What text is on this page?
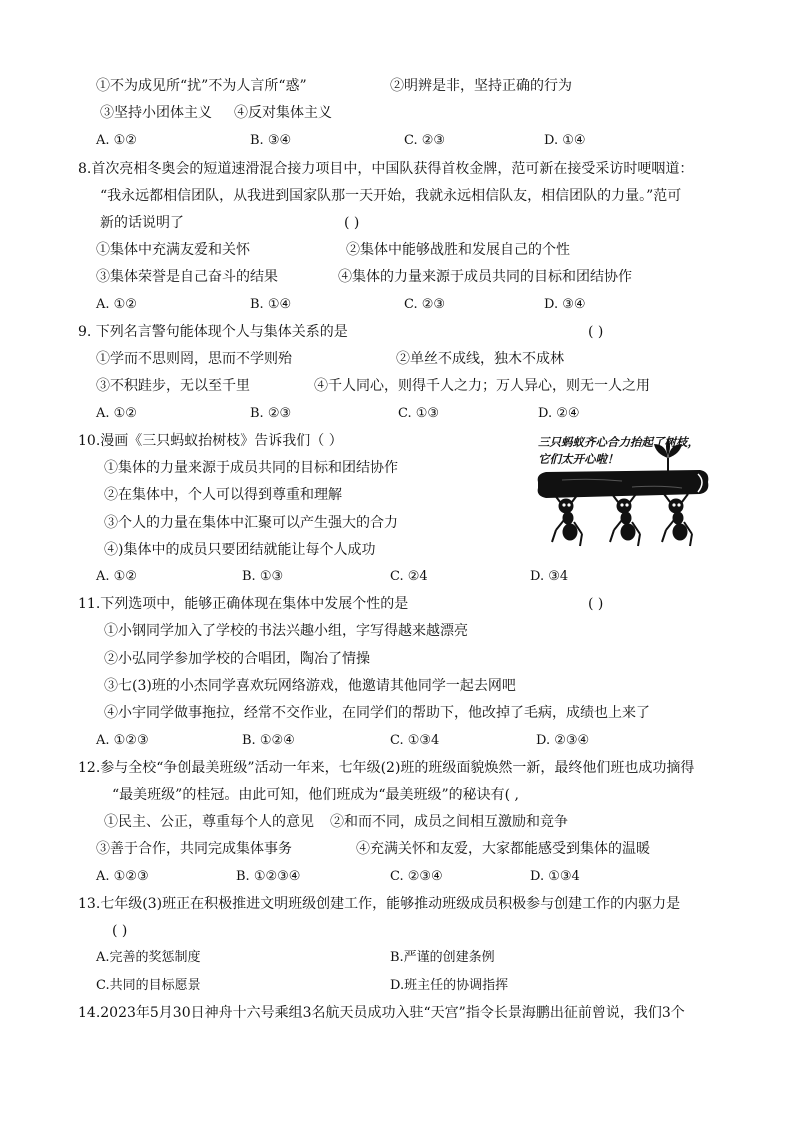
①不为成见所“扰”不为人言所“惑”	②明辨是非，坚持正确的行为
③坚持小团体主义 ④反对集体主义
A. ①②	B. ③④	C. ②③	D. ①④
8.首次亮相冬奥会的短道速滑混合接力项目中，中国队获得首枚金牌，范可新在接受采访时哽咽道：
“我永远都相信团队，从我进到国家队那一天开始，我就永远相信队友，相信团队的力量。”范可
新的话说明了	( )
①集体中充满友爱和关怀	②集体中能够战胜和发展自己的个性
③集体荣誉是自己奋斗的结果	④集体的力量来源于成员共同的目标和团结协作
A. ①②	B. ①④	C. ②③	D. ③④
9. 下列名言警句能体现个人与集体关系的是	( )
①学而不思则罔，思而不学则殆	②单丝不成线，独木不成林
③不积跬步，无以至千里	④千人同心，则得千人之力；万人异心，则无一人之用
A. ①②	B. ②③	C. ①③	D. ②④
10.漫画《三只蚂蚁抬树枝》告诉我们（ ）
①集体的力量来源于成员共同的目标和团结协作
②在集体中，个人可以得到尊重和理解
③个人的力量在集体中汇聚可以产生强大的合力
④)集体中的成员只要团结就能让每个人成功
A. ①②	B. ①③	C. ②4	D. ③4
三只蚂蚁齐心合力抬起了树枝，
它们太开心啦！
11.下列选项中，能够正确体现在集体中发展个性的是	( )
①小钢同学加入了学校的书法兴趣小组，字写得越来越漂亮
②小弘同学参加学校的合唱团，陶冶了情操
③七(3)班的小杰同学喜欢玩网络游戏，他邀请其他同学一起去网吧
④小宇同学做事拖拉，经常不交作业，在同学们的帮助下，他改掉了毛病，成绩也上来了
A. ①②③	B. ①②④	C. ①③4	D. ②③④
12.参与全校“争创最美班级”活动一年来，七年级(2)班的班级面貌焕然一新，最终他们班也成功摘得
“最美班级”的桂冠。由此可知，他们班成为“最美班级”的秘诀有( ,
①民主、公正，尊重每个人的意见 ②和而不同，成员之间相互激励和竞争
③善于合作，共同完成集体事务	④充满关怀和友爱，大家都能感受到集体的温暖
A. ①②③	B. ①②③④	C. ②③④	D. ①③4
13.七年级(3)班正在积极推进文明班级创建工作，能够推动班级成员积极参与创建工作的内驱力是
( )
A.完善的奖惩制度	B.严谨的创建条例
C.共同的目标愿景	D.班主任的协调指挥
14.2023年5月30日神舟十六号乘组3名航天员成功入驻“天宫”指令长景海鹏出征前曾说，我们3个
